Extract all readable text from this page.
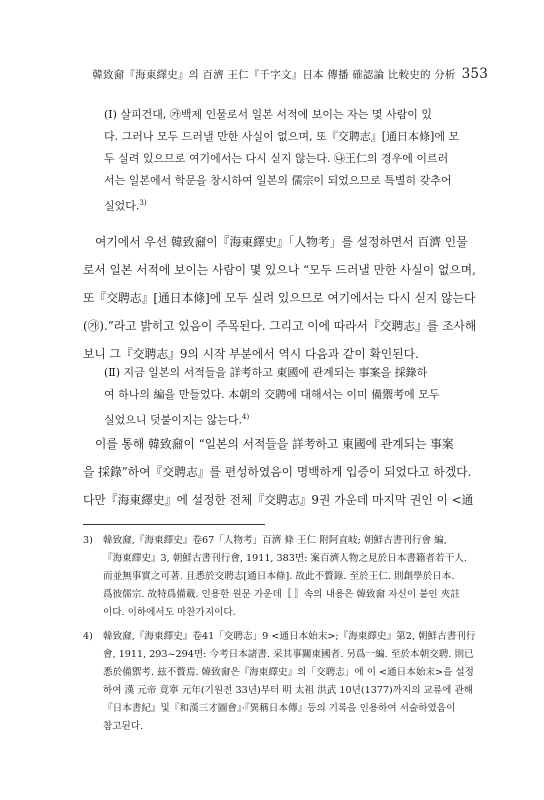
韓致奫『海東繹史』의 百濟 王仁『千字文』日本 傳播 確認論 比較史的 分析 353
(Ⅰ) 살피건대, ㉮백제 인물로서 일본 서적에 보이는 자는 몇 사람이 있
다. 그러나 모두 드러낼 만한 사실이 없으며, 또『交聘志』[通日本條]에 모
두 실려 있으므로 여기에서는 다시 싣지 않는다. ㉯王仁의 경우에 이르러
서는 일본에서 학문을 창시하여 일본의 儒宗이 되었으므로 특별히 갖추어
실었다.$^{3)}$
여기에서 우선 韓致奫이『海東繹史』「人物考」를 설정하면서 百濟 인물
로서 일본 서적에 보이는 사람이 몇 있으나 “모두 드러낼 만한 사실이 없으며,
또『交聘志』[通日本條]에 모두 실려 있으므로 여기에서는 다시 싣지 않는다
(㉮).”라고 밝히고 있음이 주목된다. 그리고 이에 따라서『交聘志』를 조사해
보니 그『交聘志』9의 시작 부분에서 역시 다음과 같이 확인된다.
(Ⅱ) 지금 일본의 서적들을 詳考하고 東國에 관계되는 事案을 採錄하
여 하나의 編을 만들었다. 本朝의 交聘에 대해서는 이미 備禦考에 모두
실었으니 덧붙이지는 않는다.$^{4)}$
이를 통해 韓致奫이 “일본의 서적들을 詳考하고 東國에 관계되는 事案
을 採錄”하여『交聘志』를 편성하였음이 명백하게 입증이 되었다고 하겠다.
다만『海東繹史』에 설정한 전체『交聘志』9권 가운데 마지막 권인 이 <通
3) 韓致奫,『海東繹史』卷67「人物考」百濟 條 王仁 附阿直岐; 朝鮮古書刊行會 編,
『海東繹史』3, 朝鮮古書刊行會, 1911, 383면: 案百濟人物之見於日本書籍者若干人.
而並無事實之可著. 且悉於交聘志[通日本條]. 故此不贅錄. 至於王仁. 則創學於日本.
爲彼儒宗. 故特爲備載. 인용한 원문 가운데〚 〛속의 내용은 韓致奫 자신이 붙인 夾註
이다. 이하에서도 마찬가지이다.
4) 韓致奫,『海東繹史』卷41「交聘志」9 <通日本始末>;『海東繹史』第2, 朝鮮古書刊行
會, 1911, 293~294면: 今考日本諸書. 采其事關東國者. 另爲一編. 至於本朝交聘. 則已
悉於備禦考. 玆不贅焉. 韓致奫은『海東繹史』의「交聘志」에 이 <通日本始末>을 설정
하여 漢 元帝 竟寧 元年(기원전 33년)부터 明 太祖 洪武 10년(1377)까지의 교류에 관해
『日本書紀』및『和漢三才圖會』·『異稱日本傳』등의 기록을 인용하여 서술하였음이
참고된다.
